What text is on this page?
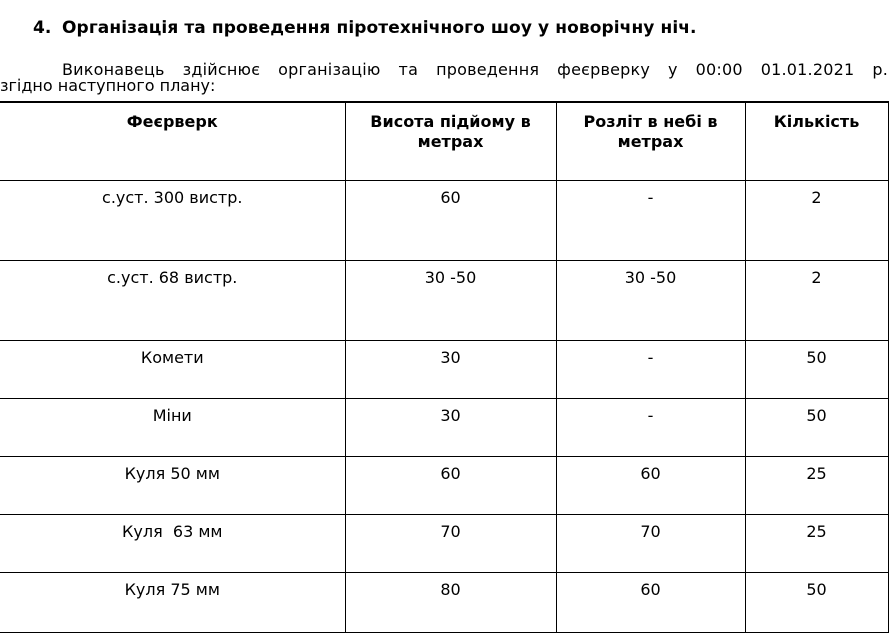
4. Організація та проведення піротехнічного шоу у новорічну ніч.
Виконавець здійснює організацію та проведення феєрверку у 00:00 01.01.2021 р.
згідно наступного плану:
Феєрверк	Висота підйому в метрах	Розліт в небі в метрах	Кількість
с.уст. 300 вистр.	60	-	2
с.уст. 68 вистр.	30 -50	30 -50	2
Комети	30	-	50
Міни	30	-	50
Куля 50 мм	60	60	25
Куля  63 мм	70	70	25
Куля 75 мм	80	60	50
